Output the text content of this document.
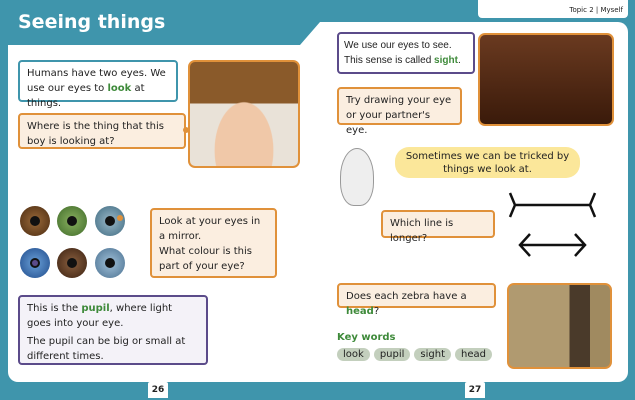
Topic 2 | Myself
Seeing things
Humans have two eyes. We use our eyes to look at things.
Where is the thing that this boy is looking at?
Look at your eyes in a mirror.
What colour is this part of your eye?
This is the pupil, where light goes into your eye.
The pupil can be big or small at different times.
We use our eyes to see.
This sense is called sight.
Try drawing your eye or your partner's eye.
Sometimes we can be tricked by things we look at.
Which line is longer?
Does each zebra have a head?
Key words
look pupil sight head
26	27
